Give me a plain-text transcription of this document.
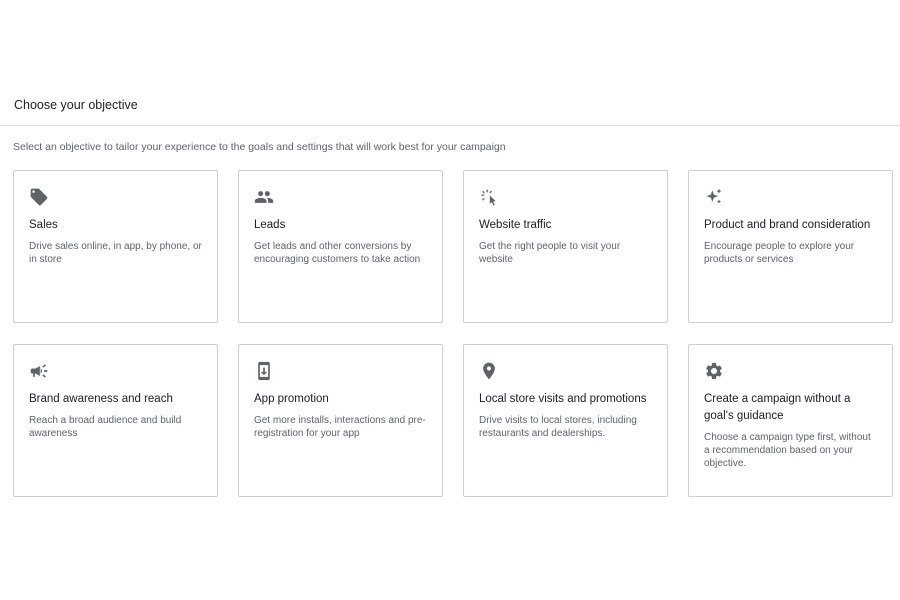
Choose your objective

Select an objective to tailor your experience to the goals and settings that will work best for your campaign

Sales

Drive sales online, in app, by phone, or in store

Leads

Get leads and other conversions by encouraging customers to take action

Website traffic

Get the right people to visit your website

Product and brand consideration

Encourage people to explore your products or services

Brand awareness and reach

Reach a broad audience and build awareness

App promotion

Get more installs, interactions and pre-registration for your app

Local store visits and promotions

Drive visits to local stores, including restaurants and dealerships.

Create a campaign without a goal's guidance

Choose a campaign type first, without a recommendation based on your objective.
